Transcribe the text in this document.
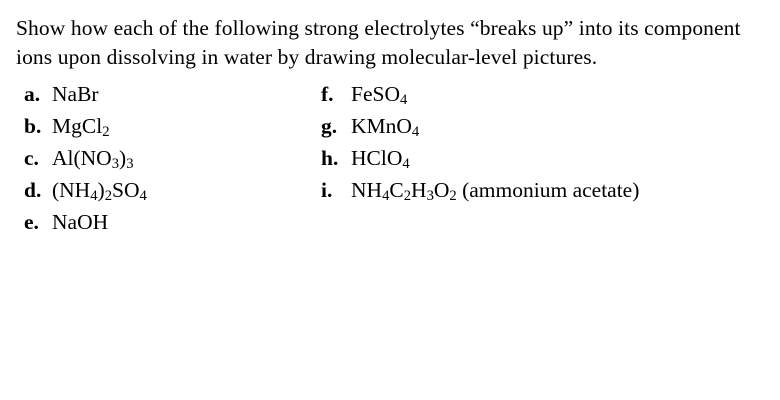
Show how each of the following strong electrolytes “breaks up” into its component ions upon dissolving in water by drawing molecular-level pictures.

a. NaBr
b. MgCl$_2$
c. $Al(NO_3)_3$
d. $(NH_4)_2SO_4$
e. NaOH
f. FeSO$_4$
g. KMnO$_4$
h. HClO$_4$
i. $NH_4C_2H_3O_2$ (ammonium acetate)
